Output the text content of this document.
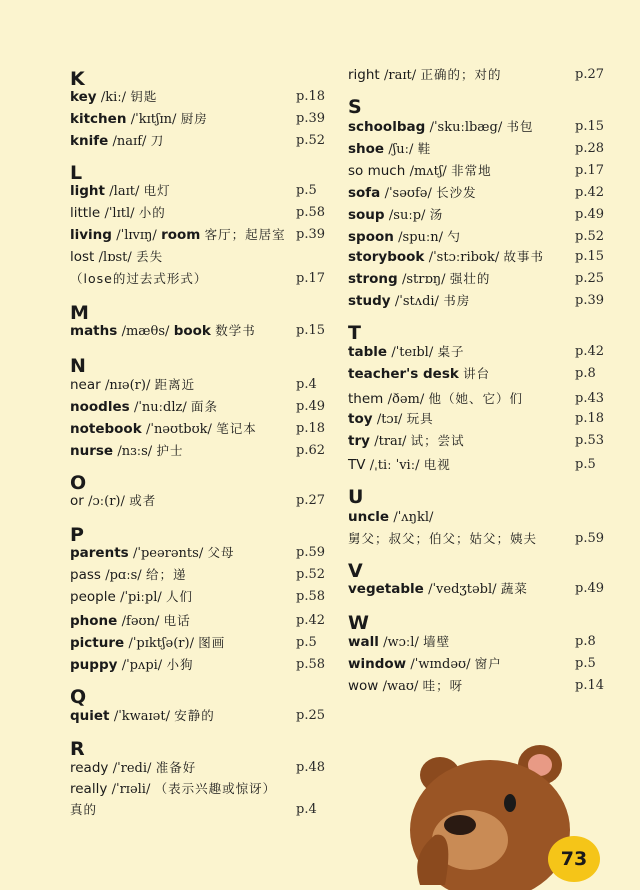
K
key /kiː/ 钥匙	p.18
kitchen /ˈkɪtʃɪn/ 厨房	p.39
knife /naɪf/ 刀	p.52
L
light /laɪt/ 电灯	p.5
little /ˈlɪtl/ 小的	p.58
living /ˈlɪvɪŋ/ room 客厅；起居室 p.39
lost /lɒst/ 丢失
（lose的过去式形式）	p.17
M
maths /mæθs/ book 数学书	p.15
N
near /nɪə(r)/ 距离近	p.4
noodles /ˈnuːdlz/ 面条	p.49
notebook /ˈnəʊtbʊk/ 笔记本	p.18
nurse /nɜːs/ 护士	p.62
O
or /ɔː(r)/ 或者	p.27
P
parents /ˈpeərənts/ 父母	p.59
pass /pɑːs/ 给；递	p.52
people /ˈpiːpl/ 人们	p.58
phone /fəʊn/ 电话	p.42
picture /ˈpɪktʃə(r)/ 图画	p.5
puppy /ˈpʌpi/ 小狗	p.58
Q
quiet /ˈkwaɪət/ 安静的	p.25
R
ready /ˈredi/ 准备好	p.48
really /ˈrɪəli/ （表示兴趣或惊讶）
真的	p.4
right /raɪt/ 正确的；对的	p.27
S
schoolbag /ˈskuːlbæg/ 书包	p.15
shoe /ʃuː/ 鞋	p.28
so much /mʌtʃ/ 非常地	p.17
sofa /ˈsəʊfə/ 长沙发	p.42
soup /suːp/ 汤	p.49
spoon /spuːn/ 勺	p.52
storybook /ˈstɔːribʊk/ 故事书 p.15
strong /strɒŋ/ 强壮的	p.25
study /ˈstʌdi/ 书房	p.39
T
table /ˈteɪbl/ 桌子	p.42
teacher's desk 讲台	p.8
them /ðəm/ 他（她、它）们	p.43
toy /tɔɪ/ 玩具	p.18
try /traɪ/ 试；尝试	p.53
TV /ˌtiː ˈviː/ 电视	p.5
U
uncle /ˈʌŋkl/
舅父；叔父；伯父；姑父；姨夫	p.59
V
vegetable /ˈvedʒtəbl/ 蔬菜	p.49
W
wall /wɔːl/ 墙壁	p.8
window /ˈwɪndəʊ/ 窗户	p.5
wow /waʊ/ 哇；呀	p.14
73
